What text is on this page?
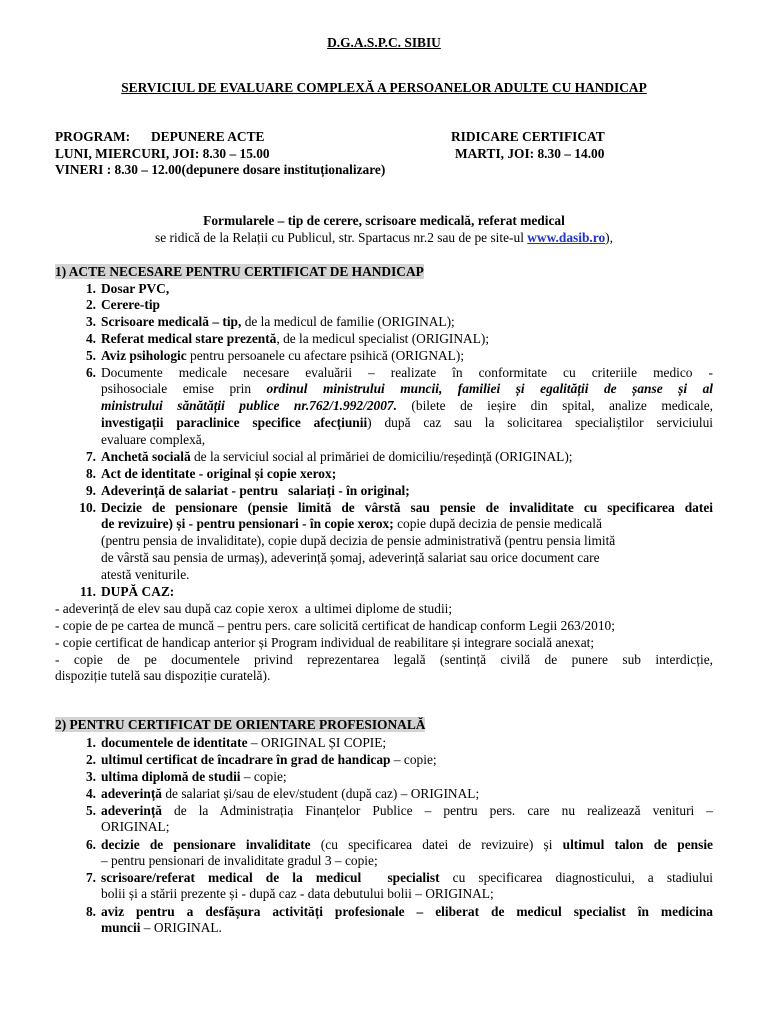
D.G.A.S.P.C. SIBIU
SERVICIUL DE EVALUARE COMPLEXĂ A PERSOANELOR ADULTE CU HANDICAP
PROGRAM: DEPUNERE ACTE	RIDICARE CERTIFICAT
LUNI, MIERCURI, JOI: 8.30 – 15.00	MARTI, JOI: 8.30 – 14.00
VINERI : 8.30 – 12.00(depunere dosare instituționalizare)
Formularele – tip de cerere, scrisoare medicală, referat medical
se ridică de la Relații cu Publicul, str. Spartacus nr.2 sau de pe site-ul www.dasib.ro),
1) ACTE NECESARE PENTRU CERTIFICAT DE HANDICAP
1. Dosar PVC,
2. Cerere-tip
3. Scrisoare medicală – tip, de la medicul de familie (ORIGINAL);
4. Referat medical stare prezentă, de la medicul specialist (ORIGINAL);
5. Aviz psihologic pentru persoanele cu afectare psihică (ORIGNAL);
6. Documente medicale necesare evaluării – realizate în conformitate cu criteriile medico -
psihosociale emise prin ordinul ministrului muncii, familiei și egalității de șanse și al
ministrului sănătății publice nr.762/1.992/2007. (bilete de ieșire din spital, analize medicale,
investigații paraclinice specifice afecțiunii) după caz sau la solicitarea specialiștilor serviciului
evaluare complexă,
7. Anchetă socială de la serviciul social al primăriei de domiciliu/reședință (ORIGINAL);
8. Act de identitate - original și copie xerox;
9. Adeverință de salariat - pentru   salariați - în original;
10. Decizie de pensionare (pensie limită de vârstă sau pensie de invaliditate cu specificarea datei
de revizuire) și - pentru pensionari - în copie xerox; copie după decizia de pensie medicală
(pentru pensia de invaliditate), copie după decizia de pensie administrativă (pentru pensia limită
de vârstă sau pensia de urmaș), adeverință șomaj, adeverință salariat sau orice document care
atestă veniturile.
11. DUPĂ CAZ:
- adeverință de elev sau după caz copie xerox  a ultimei diplome de studii;
- copie de pe cartea de muncă – pentru pers. care solicită certificat de handicap conform Legii 263/2010;
- copie certificat de handicap anterior și Program individual de reabilitare și integrare socială anexat;
- copie de pe documentele privind reprezentarea legală (sentință civilă de punere sub interdicție,
dispoziție tutelă sau dispoziție curatelă).
2) PENTRU CERTIFICAT DE ORIENTARE PROFESIONALĂ
1. documentele de identitate – ORIGINAL ȘI COPIE;
2. ultimul certificat de încadrare în grad de handicap – copie;
3. ultima diplomă de studii – copie;
4. adeverință de salariat și/sau de elev/student (după caz) – ORIGINAL;
5. adeverință de la Administrația Finanțelor Publice – pentru pers. care nu realizează venituri –
ORIGINAL;
6. decizie de pensionare invaliditate (cu specificarea datei de revizuire) și ultimul talon de pensie
– pentru pensionari de invaliditate gradul 3 – copie;
7. scrisoare/referat medical de la medicul  specialist cu specificarea diagnosticului, a stadiului
bolii și a stării prezente și - după caz - data debutului bolii – ORIGINAL;
8. aviz pentru a desfășura activități profesionale – eliberat de medicul specialist în medicina
muncii – ORIGINAL.
